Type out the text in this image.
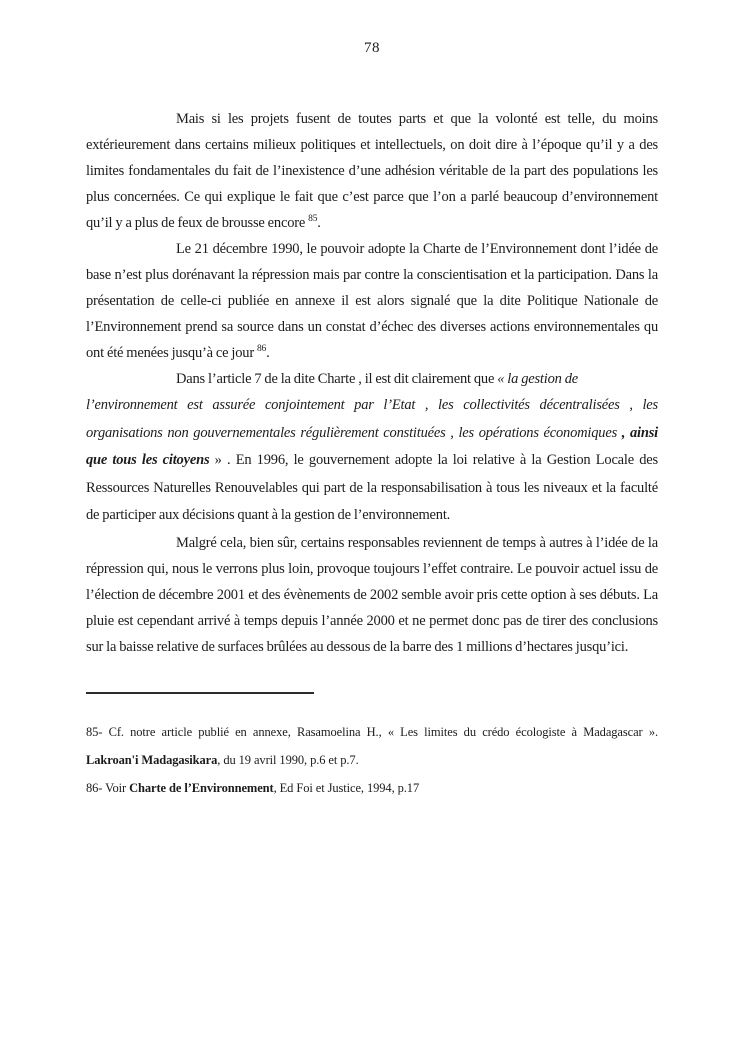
78

Mais si les projets fusent de toutes parts et que la volonté est telle, du moins extérieurement dans certains milieux politiques et intellectuels, on doit dire à l’époque qu’il y a des limites fondamentales du fait de l’inexistence d’une adhésion véritable de la part des populations les plus concernées. Ce qui explique le fait que c’est parce que l’on a parlé beaucoup d’environnement qu’il y a plus de feux de brousse encore $^{85}$.

Le 21 décembre 1990, le pouvoir adopte la Charte de l’Environnement dont l’idée de base n’est plus dorénavant la répression mais par contre la conscientisation et la participation. Dans la présentation de celle-ci publiée en annexe il est alors signalé que la dite Politique Nationale de l’Environnement prend sa source dans un constat d’échec des diverses actions environnementales qu ont été menées jusqu’à ce jour $^{86}$.

Dans l’article 7 de la dite Charte , il est dit clairement que « la gestion de

l’environnement est assurée conjointement par l’Etat , les collectivités décentralisées , les organisations non gouvernementales régulièrement constituées , les opérations économiques , ainsi que tous les citoyens » . En 1996, le gouvernement adopte la loi relative à la Gestion Locale des Ressources Naturelles Renouvelables qui part de la responsabilisation à tous les niveaux et la faculté de participer aux décisions quant à la gestion de l’environnement.

Malgré cela, bien sûr, certains responsables reviennent de temps à autres à l’idée de la répression qui, nous le verrons plus loin, provoque toujours l’effet contraire. Le pouvoir actuel issu de l’élection de décembre 2001 et des évènements de 2002 semble avoir pris cette option à ses débuts. La pluie est cependant arrivé à temps depuis l’année 2000 et ne permet donc pas de tirer des conclusions sur la baisse relative de surfaces brûlées au dessous de la barre des 1 millions d’hectares jusqu’ici.

85- Cf. notre article publié en annexe, Rasamoelina H., « Les limites du crédo écologiste à Madagascar ». Lakroan'i Madagasikara, du 19 avril 1990, p.6 et p.7.

86- Voir Charte de l’Environnement, Ed Foi et Justice, 1994, p.17
